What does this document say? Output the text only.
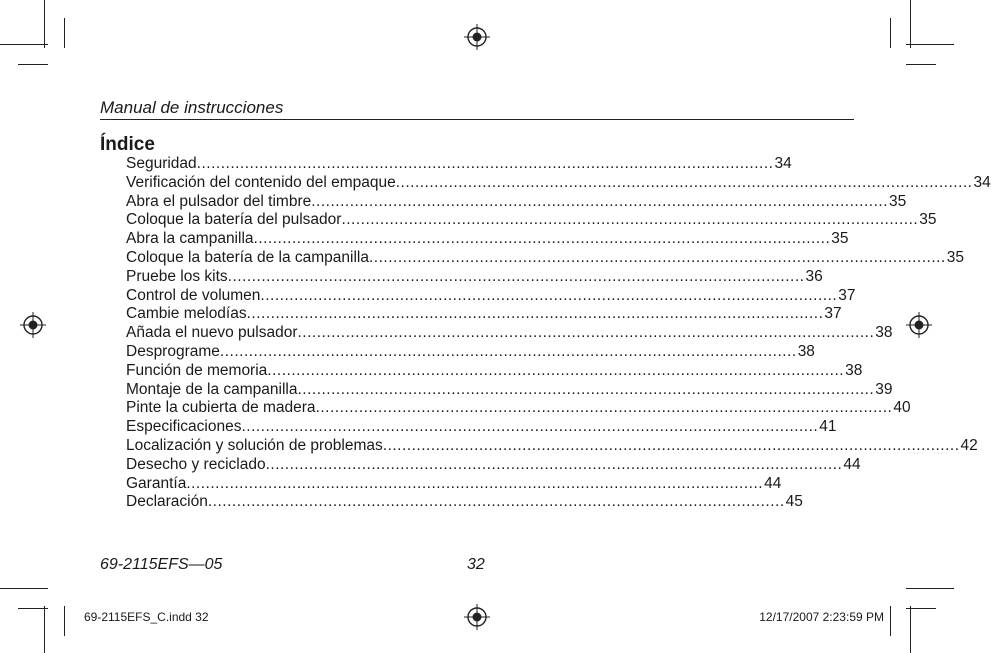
Manual de instrucciones
Índice
Seguridad ........................................................................................................................ 34
Verificación del contenido del empaque ........................................................................................................................ 34
Abra el pulsador del timbre ........................................................................................................................ 35
Coloque la batería del pulsador ........................................................................................................................ 35
Abra la campanilla ........................................................................................................................ 35
Coloque la batería de la campanilla ........................................................................................................................ 35
Pruebe los kits ........................................................................................................................ 36
Control de volumen ........................................................................................................................ 37
Cambie melodías ........................................................................................................................ 37
Añada el nuevo pulsador ........................................................................................................................ 38
Desprograme ........................................................................................................................ 38
Función de memoria ........................................................................................................................ 38
Montaje de la campanilla ........................................................................................................................ 39
Pinte la cubierta de madera ........................................................................................................................ 40
Especificaciones ........................................................................................................................ 41
Localización y solución de problemas ........................................................................................................................ 42
Desecho y reciclado ........................................................................................................................ 44
Garantía ........................................................................................................................ 44
Declaración ........................................................................................................................ 45
69-2115EFS—05	32
69-2115EFS_C.indd 32	12/17/2007 2:23:59 PM
